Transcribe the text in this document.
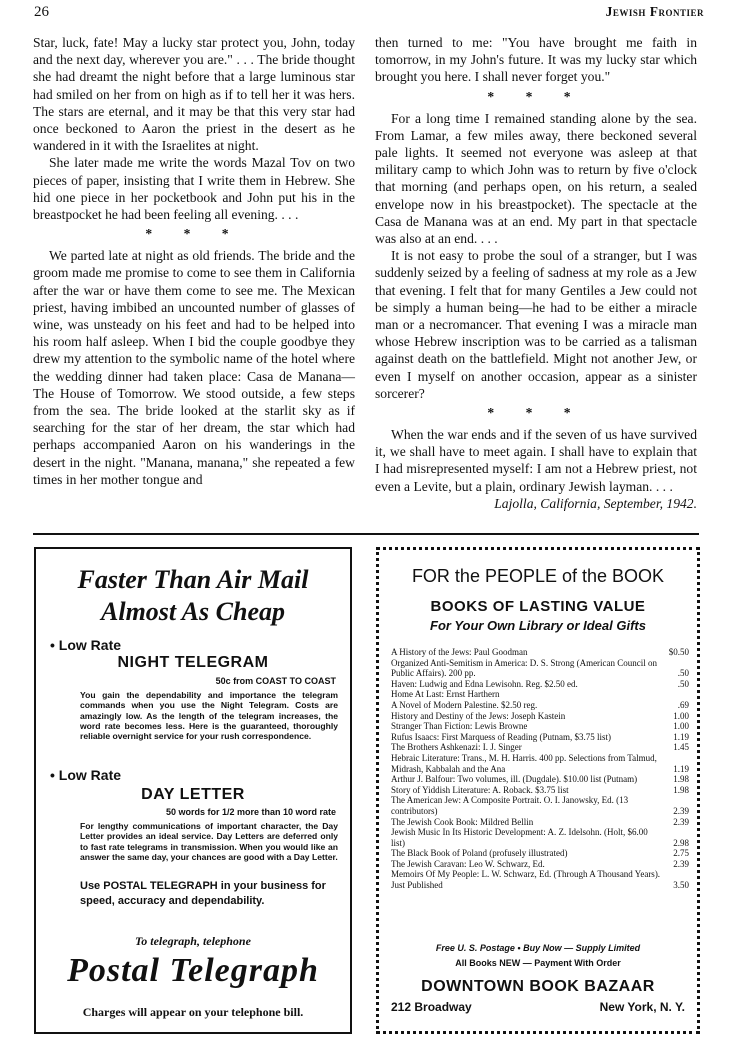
26	Jewish Frontier

Star, luck, fate! May a lucky star protect you, John, today and the next day, wherever you are." . . . The bride thought she had dreamt the night before that a large luminous star had smiled on her from on high as if to tell her it was hers. The stars are eternal, and it may be that this very star had once beckoned to Aaron the priest in the desert as he wandered in it with the Israelites at night.

She later made me write the words Mazal Tov on two pieces of paper, insisting that I write them in Hebrew. She hid one piece in her pocketbook and John put his in the breastpocket he had been feeling all evening. . . .

* * *

We parted late at night as old friends. The bride and the groom made me promise to come to see them in California after the war or have them come to see me. The Mexican priest, having imbibed an uncounted number of glasses of wine, was unsteady on his feet and had to be helped into his room half asleep. When I bid the couple goodbye they drew my attention to the symbolic name of the hotel where the wedding dinner had taken place: Casa de Manana—The House of Tomorrow. We stood outside, a few steps from the sea. The bride looked at the starlit sky as if searching for the star of her dream, the star which had perhaps accompanied Aaron on his wanderings in the desert in the night. "Manana, manana," she repeated a few times in her mother tongue and

then turned to me: "You have brought me faith in tomorrow, in my John's future. It was my lucky star which brought you here. I shall never forget you."

* * *

For a long time I remained standing alone by the sea. From Lamar, a few miles away, there beckoned several pale lights. It seemed not everyone was asleep at that military camp to which John was to return by five o'clock that morning (and perhaps open, on his return, a sealed envelope now in his breastpocket). The spectacle at the Casa de Manana was at an end. My part in that spectacle was also at an end. . . .

It is not easy to probe the soul of a stranger, but I was suddenly seized by a feeling of sadness at my role as a Jew that evening. I felt that for many Gentiles a Jew could not be simply a human being—he had to be either a miracle man or a necromancer. That evening I was a miracle man whose Hebrew inscription was to be carried as a talisman against death on the battlefield. Might not another Jew, or even I myself on another occasion, appear as a sinister sorcerer?

* * *

When the war ends and if the seven of us have survived it, we shall have to meet again. I shall have to explain that I had misrepresented myself: I am not a Hebrew priest, not even a Levite, but a plain, ordinary Jewish layman. . . .

Lajolla, California, September, 1942.
Faster Than Air Mail
Almost As Cheap
• Low Rate
NIGHT TELEGRAM
50c from COAST TO COAST
You gain the dependability and importance the telegram commands when you use the Night Telegram. Costs are amazingly low. As the length of the telegram increases, the word rate becomes less. Here is the guaranteed, thoroughly reliable overnight service for your rush correspondence.
• Low Rate
DAY LETTER
50 words for 1/2 more than 10 word rate
For lengthy communications of important character, the Day Letter provides an ideal service. Day Letters are deferred only to fast rate telegrams in transmission. When you would like an answer the same day, your chances are good with a Day Letter.
Use POSTAL TELEGRAPH in your business for speed, accuracy and dependability.
To telegraph, telephone
Postal Telegraph
Charges will appear on your telephone bill.
FOR the PEOPLE of the BOOK
BOOKS OF LASTING VALUE
For Your Own Library or Ideal Gifts
A History of the Jews: Paul Goodman	$0.50
Organized Anti-Semitism in America: D. S. Strong (American Council on Public Affairs). 200 pp.	.50
Haven: Ludwig and Edna Lewisohn. Reg. $2.50 ed.	.50
Home At Last: Ernst Harthern
A Novel of Modern Palestine. $2.50 reg.	.69
History and Destiny of the Jews: Joseph Kastein	1.00
Stranger Than Fiction: Lewis Browne	1.00
Rufus Isaacs: First Marquess of Reading (Putnam, $3.75 list)	1.19
The Brothers Ashkenazi: I. J. Singer	1.45
Hebraic Literature: Trans., M. H. Harris. 400 pp. Selections from Talmud, Midrash, Kabbalah and the Ana	1.19
Arthur J. Balfour: Two volumes, ill. (Dugdale). $10.00 list (Putnam)	1.98
Story of Yiddish Literature: A. Roback. $3.75 list	1.98
The American Jew: A Composite Portrait. O. I. Janowsky, Ed. (13 contributors)	2.39
The Jewish Cook Book: Mildred Bellin	2.39
Jewish Music In Its Historic Development: A. Z. Idelsohn. (Holt, $6.00 list)	2.98
The Black Book of Poland (profusely illustrated)	2.75
The Jewish Caravan: Leo W. Schwarz, Ed.	2.39
Memoirs Of My People: L. W. Schwarz, Ed. (Through A Thousand Years). Just Published	3.50
Free U. S. Postage • Buy Now — Supply Limited
All Books NEW — Payment With Order
DOWNTOWN BOOK BAZAAR
212 Broadway	New York, N. Y.
